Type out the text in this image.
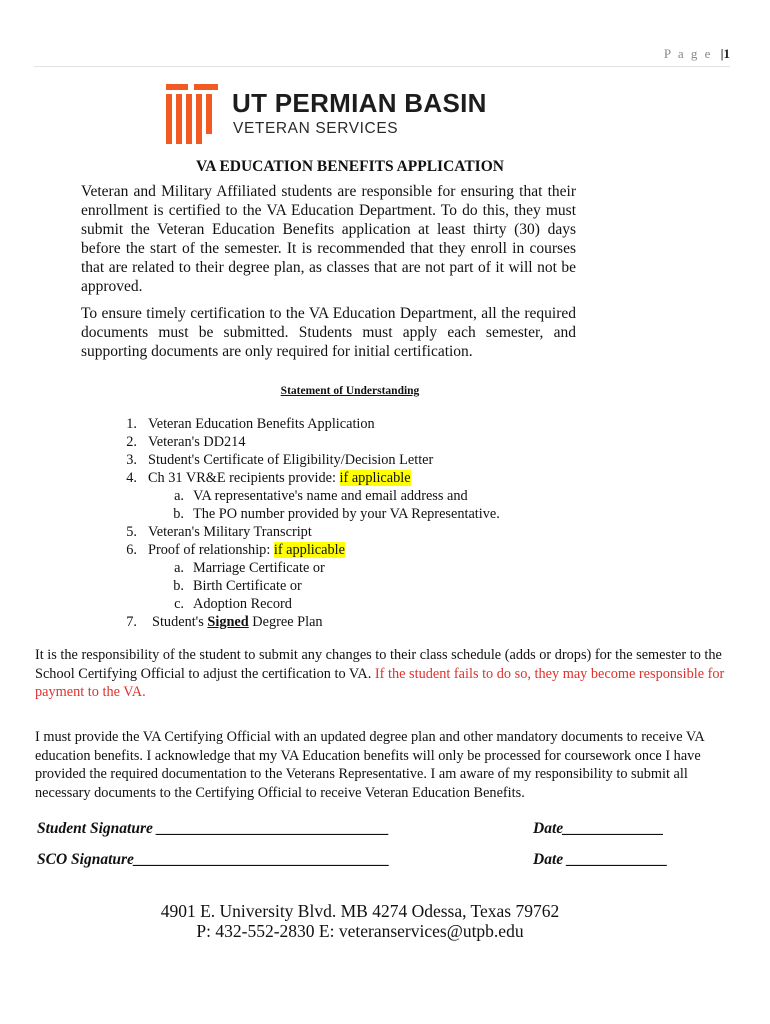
P a g e |1
UT PERMIAN BASIN
VETERAN SERVICES
VA EDUCATION BENEFITS APPLICATION

Veteran and Military Affiliated students are responsible for ensuring that their enrollment is certified to the VA Education Department. To do this, they must submit the Veteran Education Benefits application at least thirty (30) days before the start of the semester. It is recommended that they enroll in courses that are related to their degree plan, as classes that are not part of it will not be approved.

To ensure timely certification to the VA Education Department, all the required documents must be submitted. Students must apply each semester, and supporting documents are only required for initial certification.

Statement of Understanding
1. Veteran Education Benefits Application
2. Veteran's DD214
3. Student's Certificate of Eligibility/Decision Letter
4. Ch 31 VR&E recipients provide: if applicable
a. VA representative's name and email address and
b. The PO number provided by your VA Representative.
5. Veteran's Military Transcript
6. Proof of relationship: if applicable
a. Marriage Certificate or
b. Birth Certificate or
c. Adoption Record
7. Student's Signed Degree Plan

It is the responsibility of the student to submit any changes to their class schedule (adds or drops) for the semester to the School Certifying Official to adjust the certification to VA. If the student fails to do so, they may become responsible for payment to the VA.

I must provide the VA Certifying Official with an updated degree plan and other mandatory documents to receive VA education benefits. I acknowledge that my VA Education benefits will only be processed for coursework once I have provided the required documentation to the Veterans Representative. I am aware of my responsibility to submit all necessary documents to the Certifying Official to receive Veteran Education Benefits.

Student Signature ______________________________	Date_____________
SCO Signature_________________________________	Date _____________
4901 E. University Blvd. MB 4274 Odessa, Texas 79762
P: 432-552-2830 E: veteranservices@utpb.edu
